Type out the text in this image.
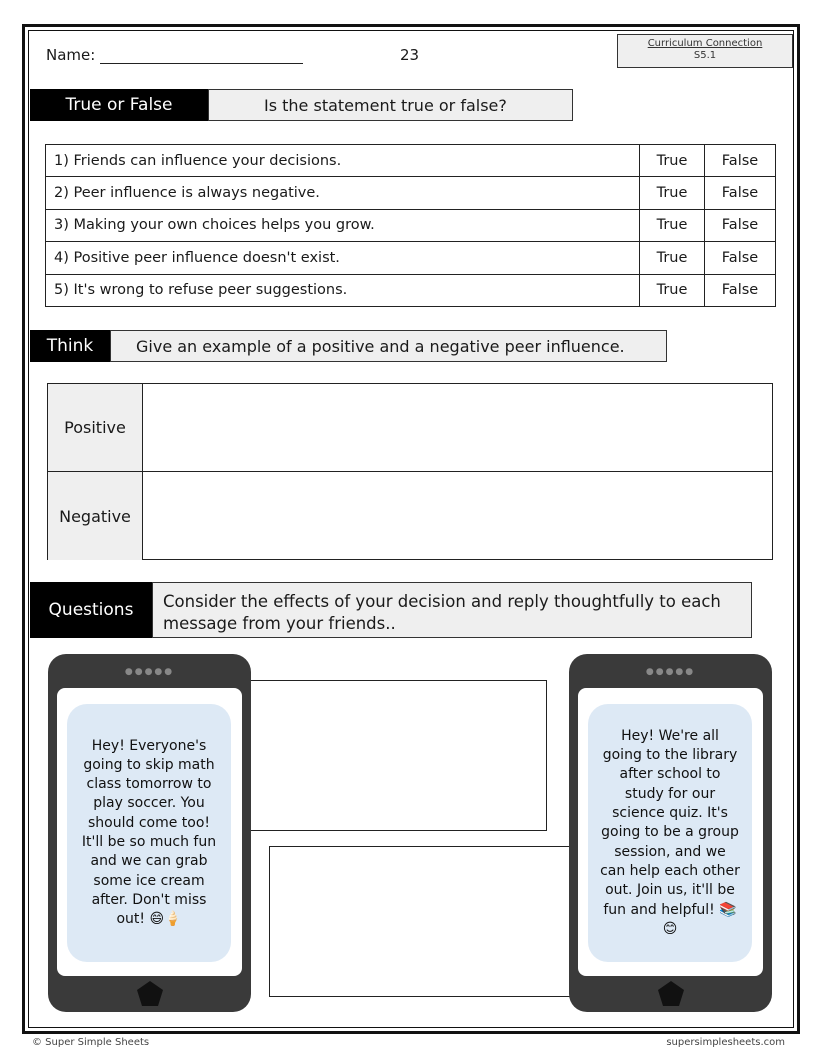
Name:	23
Curriculum Connection
S5.1
True or False	Is the statement true or false?
1) Friends can influence your decisions.	True	False
2) Peer influence is always negative.	True	False
3) Making your own choices helps you grow.	True	False
4) Positive peer influence doesn't exist.	True	False
5) It's wrong to refuse peer suggestions.	True	False
Think	Give an example of a positive and a negative peer influence.
Positive
Negative
Questions	Consider the effects of your decision and reply thoughtfully to each message from your friends..
●●●●●
Hey! Everyone's going to skip math class tomorrow to play soccer. You should come too! It'll be so much fun and we can grab some ice cream after. Don't miss out! 😄🍦
●●●●●
Hey! We're all going to the library after school to study for our science quiz. It's going to be a group session, and we can help each other out. Join us, it'll be fun and helpful! 📚😊
© Super Simple Sheets	supersimplesheets.com
